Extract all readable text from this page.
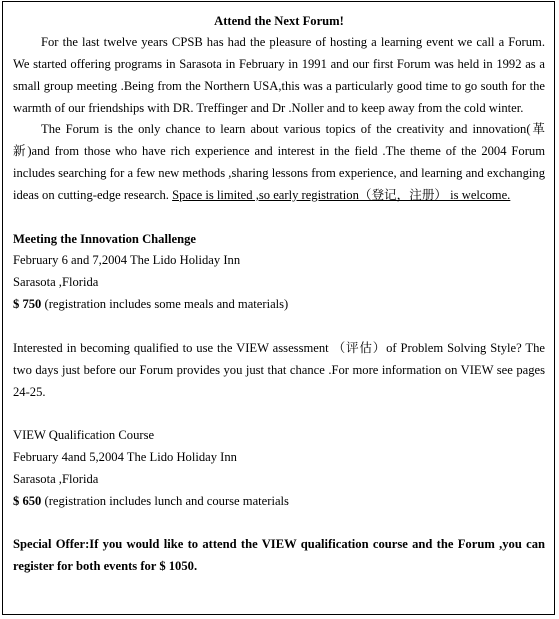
Attend the Next Forum!

For the last twelve years CPSB has had the pleasure of hosting a learning event we call a Forum. We started offering programs in Sarasota in February in 1991 and our first Forum was held in 1992 as a small group meeting .Being from the Northern USA,this was a particularly good time to go south for the warmth of our friendships with DR. Treffinger and Dr .Noller and to keep away from the cold winter.

The Forum is the only chance to learn about various topics of the creativity and innovation(革新)and from those who have rich experience and interest in the field .The theme of the 2004 Forum includes searching for a few new methods ,sharing lessons from experience, and learning and exchanging ideas on cutting-edge research. Space is limited ,so early registration（登记，注册） is welcome.

Meeting the Innovation Challenge

February 6 and 7,2004 The Lido Holiday Inn

Sarasota ,Florida

$ 750 (registration includes some meals and materials)

Interested in becoming qualified to use the VIEW assessment （评估）of Problem Solving Style? The two days just before our Forum provides you just that chance .For more information on VIEW see pages 24-25.

VIEW Qualification Course

February 4and 5,2004 The Lido Holiday Inn

Sarasota ,Florida

$ 650 (registration includes lunch and course materials

Special Offer:If you would like to attend the VIEW qualification course and the Forum ,you can register for both events for $ 1050.
